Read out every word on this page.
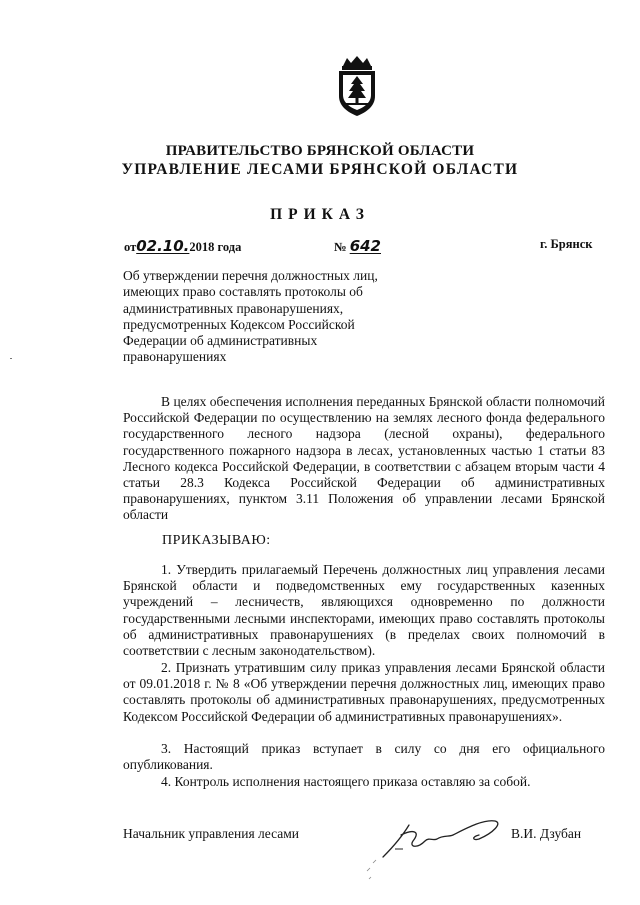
ПРАВИТЕЛЬСТВО БРЯНСКОЙ ОБЛАСТИ
УПРАВЛЕНИЕ ЛЕСАМИ БРЯНСКОЙ ОБЛАСТИ
ПРИКАЗ
от02.10.2018 года	№ 642	г. Брянск
Об утверждении перечня должностных лиц, имеющих право составлять протоколы об административных правонарушениях, предусмотренных Кодексом Российской Федерации об административных правонарушениях

В целях обеспечения исполнения переданных Брянской области полномочий Российской Федерации по осуществлению на землях лесного фонда федерального государственного лесного надзора (лесной охраны), федерального государственного пожарного надзора в лесах, установленных частью 1 статьи 83 Лесного кодекса Российской Федерации, в соответствии с абзацем вторым части 4 статьи 28.3 Кодекса Российской Федерации об административных правонарушениях, пунктом 3.11 Положения об управлении лесами Брянской области

ПРИКАЗЫВАЮ:

1. Утвердить прилагаемый Перечень должностных лиц управления лесами Брянской области и подведомственных ему государственных казенных учреждений – лесничеств, являющихся одновременно по должности государственными лесными инспекторами, имеющих право составлять протоколы об административных правонарушениях (в пределах своих полномочий в соответствии с лесным законодательством).

2. Признать утратившим силу приказ управления лесами Брянской области от 09.01.2018 г. № 8 «Об утверждении перечня должностных лиц, имеющих право составлять протоколы об административных правонарушениях, предусмотренных Кодексом Российской Федерации об административных правонарушениях».

3. Настоящий приказ вступает в силу со дня его официального опубликования.

4. Контроль исполнения настоящего приказа оставляю за собой.

Начальник управления лесами	В.И. Дзубан
